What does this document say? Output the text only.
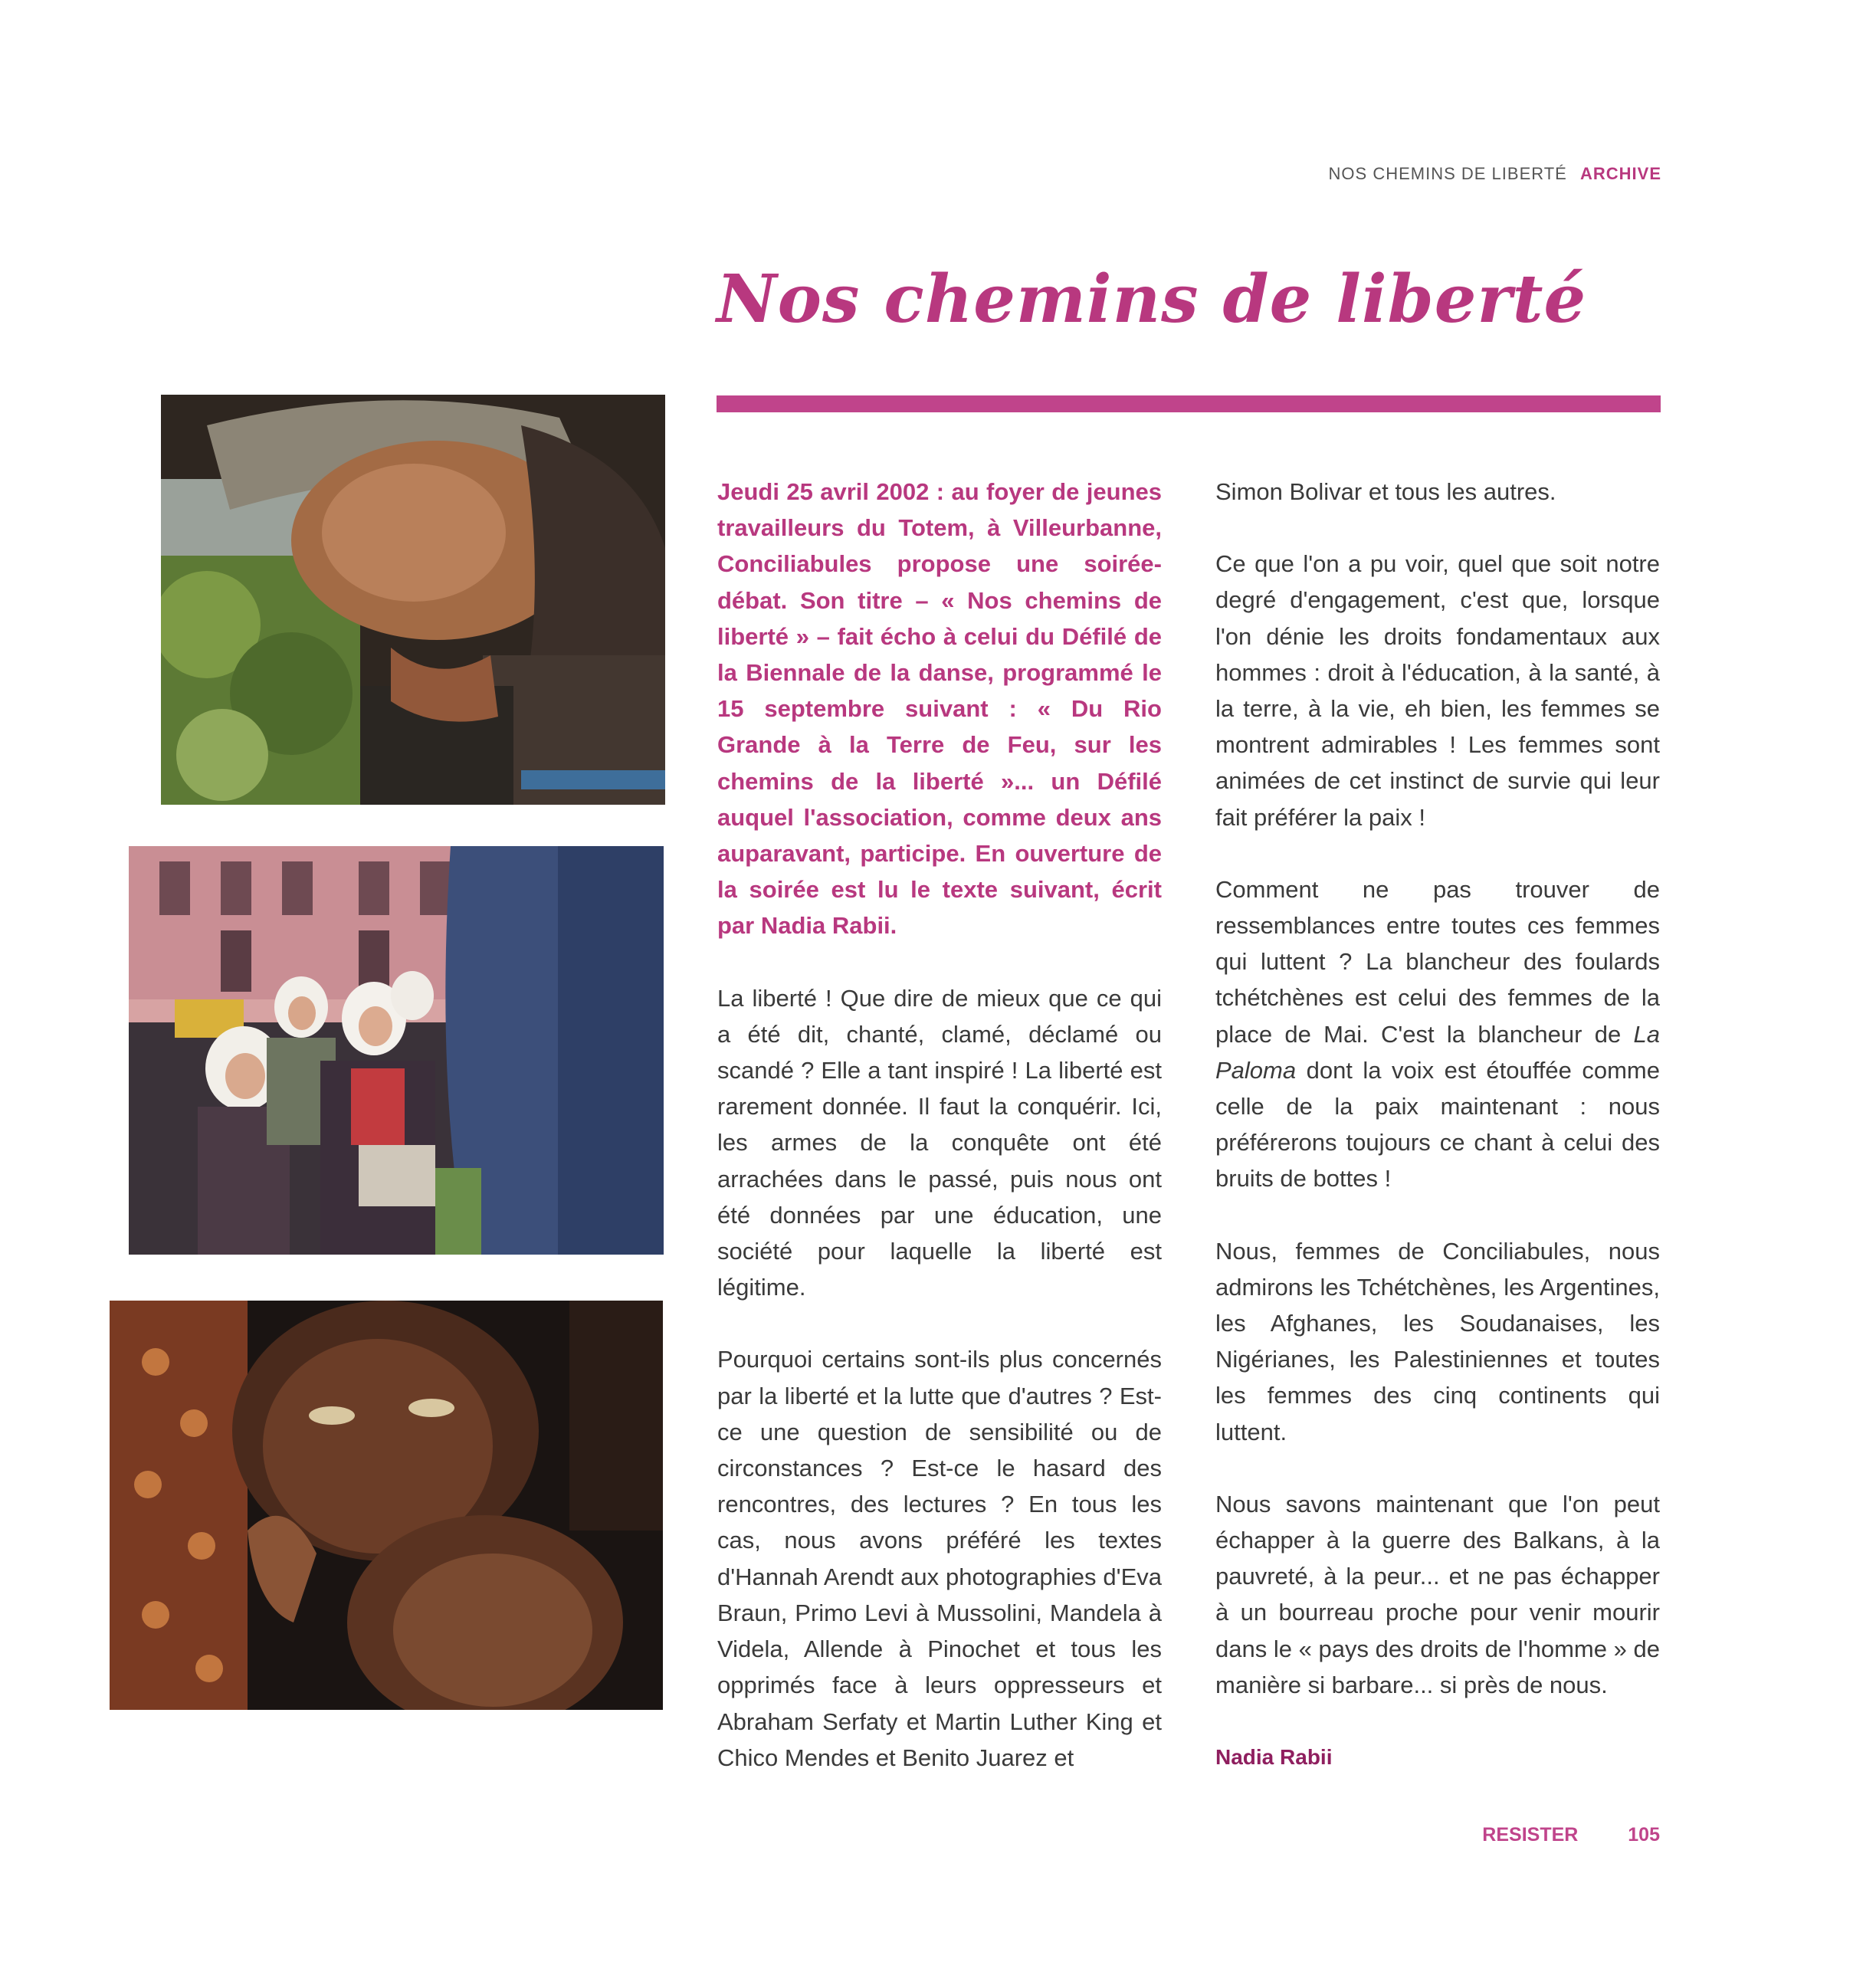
NOS CHEMINS DE LIBERTÉ ARCHIVE
Nos chemins de liberté

Jeudi 25 avril 2002 : au foyer de jeunes travailleurs du Totem, à Villeurbanne, Conciliabules propose une soirée-débat. Son titre – « Nos chemins de liberté » – fait écho à celui du Défilé de la Biennale de la danse, programmé le 15 septembre suivant : « Du Rio Grande à la Terre de Feu, sur les chemins de la liberté »... un Défilé auquel l'association, comme deux ans auparavant, participe. En ouverture de la soirée est lu le texte suivant, écrit par Nadia Rabii.

La liberté ! Que dire de mieux que ce qui a été dit, chanté, clamé, déclamé ou scandé ? Elle a tant inspiré ! La liberté est rarement donnée. Il faut la conquérir. Ici, les armes de la conquête ont été arrachées dans le passé, puis nous ont été données par une éducation, une société pour laquelle la liberté est légitime.

Pourquoi certains sont-ils plus concernés par la liberté et la lutte que d'autres ? Est-ce une question de sensibilité ou de circonstances ? Est-ce le hasard des rencontres, des lectures ? En tous les cas, nous avons préféré les textes d'Hannah Arendt aux photographies d'Eva Braun, Primo Levi à Mussolini, Mandela à Videla, Allende à Pinochet et tous les opprimés face à leurs oppresseurs et Abraham Serfaty et Martin Luther King et Chico Mendes et Benito Juarez et

Simon Bolivar et tous les autres.

Ce que l'on a pu voir, quel que soit notre degré d'engagement, c'est que, lorsque l'on dénie les droits fondamentaux aux hommes : droit à l'éducation, à la santé, à la terre, à la vie, eh bien, les femmes se montrent admirables ! Les femmes sont animées de cet instinct de survie qui leur fait préférer la paix !

Comment ne pas trouver de ressemblances entre toutes ces femmes qui luttent ? La blancheur des foulards tchétchènes est celui des femmes de la place de Mai. C'est la blancheur de La Paloma dont la voix est étouffée comme celle de la paix maintenant : nous préférerons toujours ce chant à celui des bruits de bottes !

Nous, femmes de Conciliabules, nous admirons les Tchétchènes, les Argentines, les Afghanes, les Soudanaises, les Nigérianes, les Palestiniennes et toutes les femmes des cinq continents qui luttent.

Nous savons maintenant que l'on peut échapper à la guerre des Balkans, à la pauvreté, à la peur... et ne pas échapper à un bourreau proche pour venir mourir dans le « pays des droits de l'homme » de manière si barbare... si près de nous.

Nadia Rabii
RESISTER	105
